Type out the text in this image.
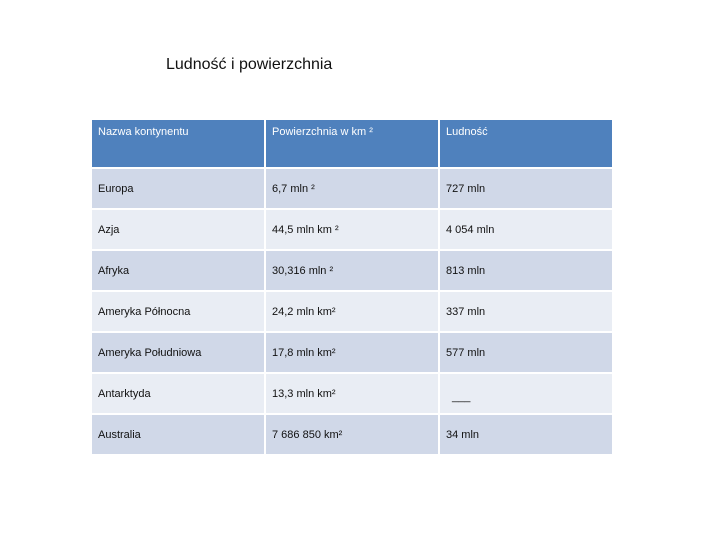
Ludność i powierzchnia
Nazwa kontynentu	Powierzchnia w km ²	Ludność
Europa	6,7 mln ²	727 mln
Azja	44,5 mln km ²	4 054 mln
Afryka	30,316 mln ²	813 mln
Ameryka Północna	24,2 mln km²	337 mln
Ameryka Południowa	17,8 mln km²	577 mln
Antarktyda	13,3 mln km²	___
Australia	7 686 850 km²	34 mln
